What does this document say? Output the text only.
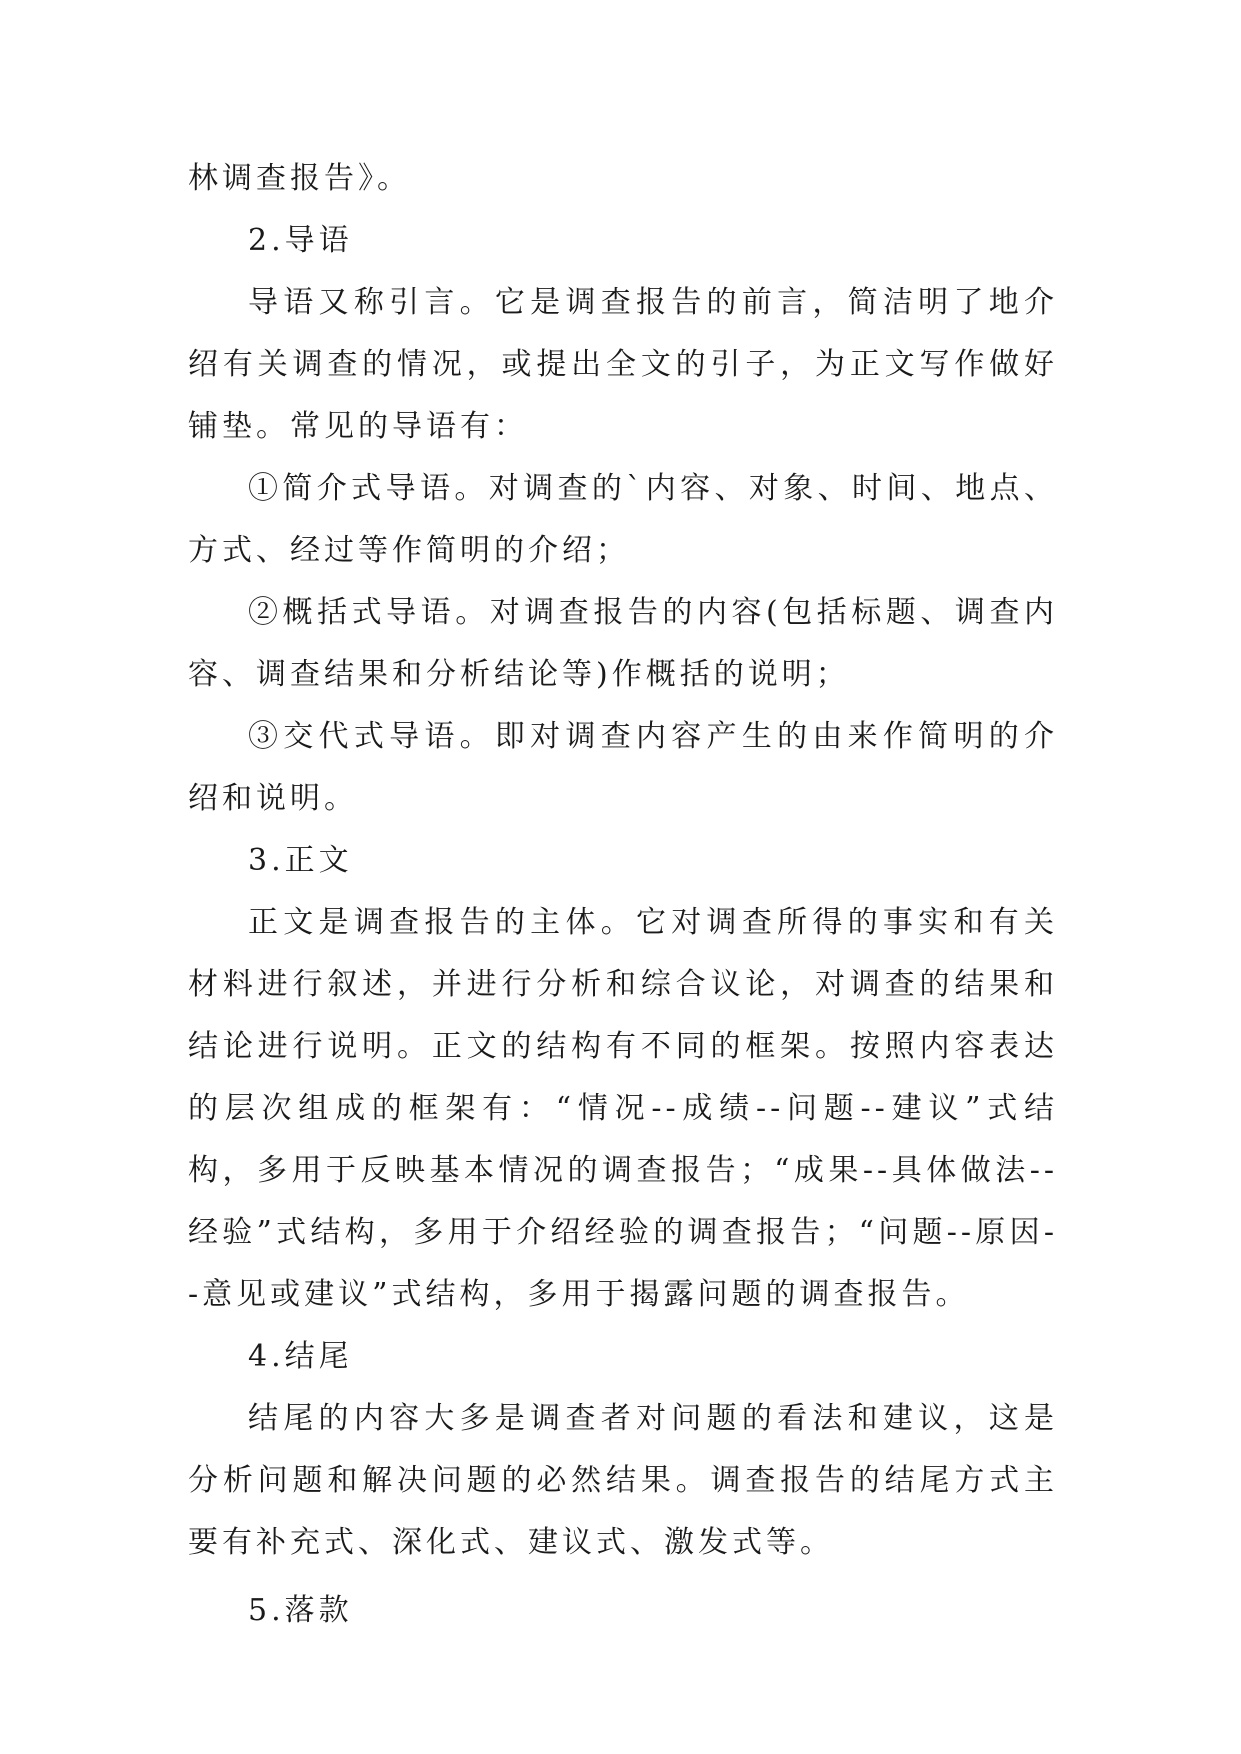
林调查报告》。

2.导语

导语又称引言。它是调查报告的前言，简洁明了地介绍有关调查的情况，或提出全文的引子，为正文写作做好铺垫。常见的导语有：

①简介式导语。对调查的`内容、对象、时间、地点、方式、经过等作简明的介绍；

②概括式导语。对调查报告的内容(包括标题、调查内容、调查结果和分析结论等)作概括的说明；

③交代式导语。即对调查内容产生的由来作简明的介绍和说明。

3.正文

正文是调查报告的主体。它对调查所得的事实和有关材料进行叙述，并进行分析和综合议论，对调查的结果和结论进行说明。正文的结构有不同的框架。按照内容表达的层次组成的框架有：“情况--成绩--问题--建议”式结构，多用于反映基本情况的调查报告；“成果--具体做法--经验”式结构，多用于介绍经验的调查报告；“问题--原因--意见或建议”式结构，多用于揭露问题的调查报告。

4.结尾

结尾的内容大多是调查者对问题的看法和建议，这是分析问题和解决问题的必然结果。调查报告的结尾方式主要有补充式、深化式、建议式、激发式等。

5.落款
